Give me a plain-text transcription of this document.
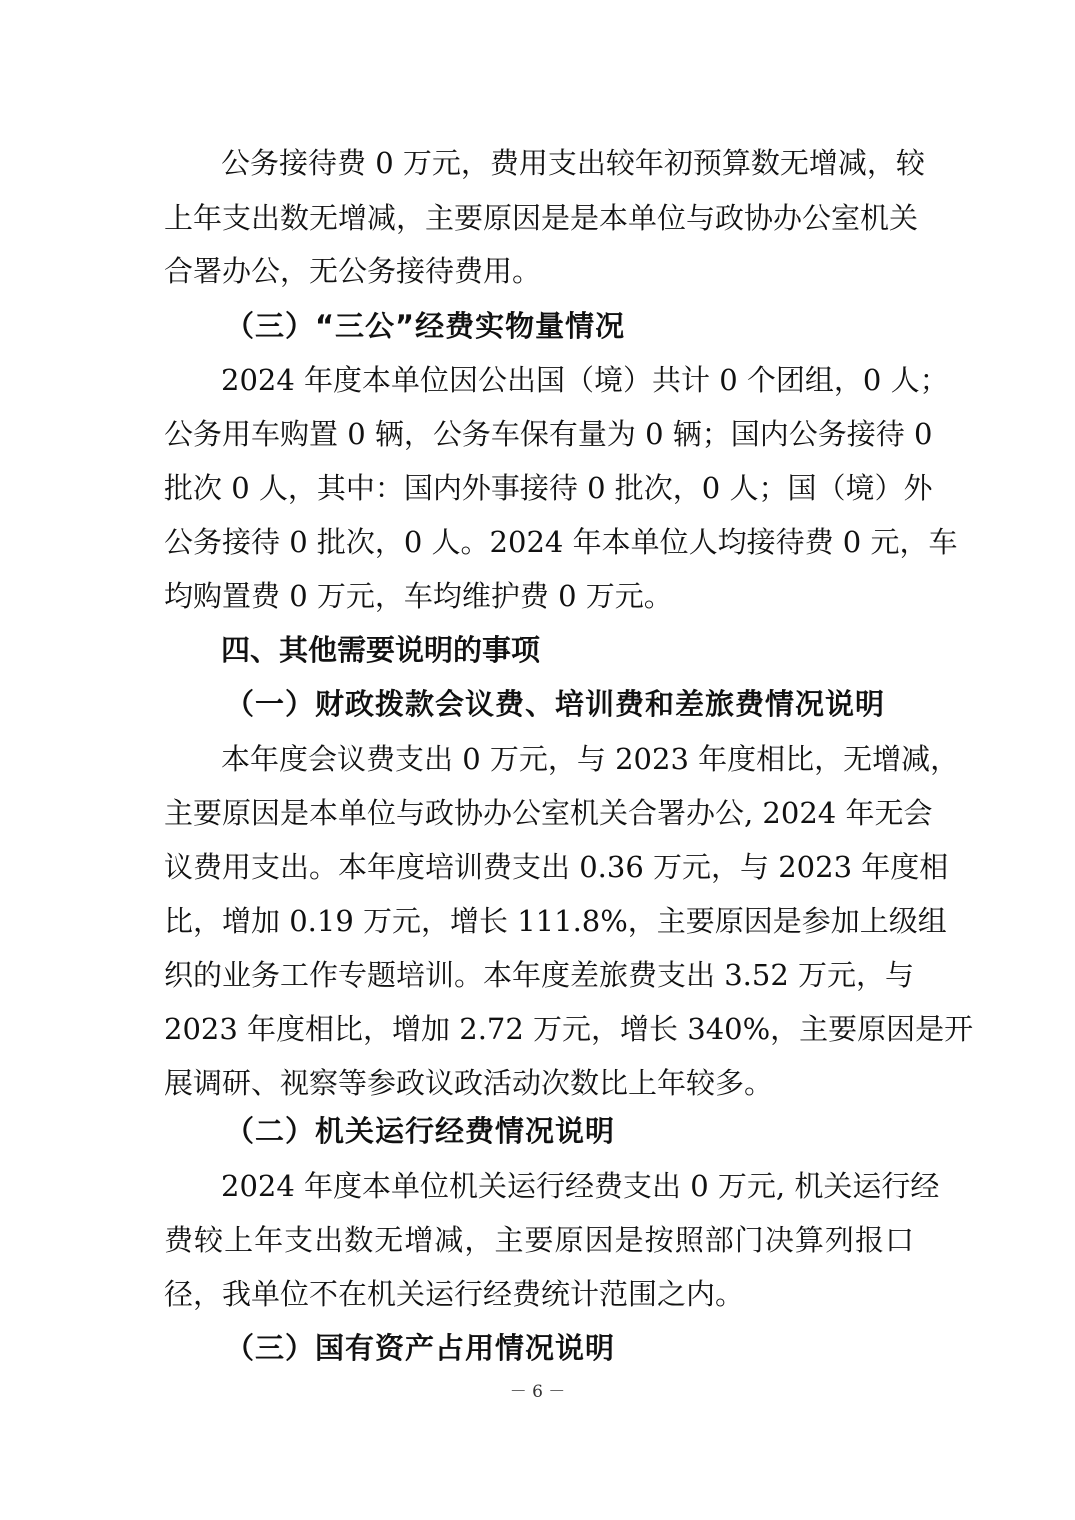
公务接待费 0 万元，费用支出较年初预算数无增减，较
上年支出数无增减，主要原因是是本单位与政协办公室机关
合署办公，无公务接待费用。
（三）“三公”经费实物量情况
2024 年度本单位因公出国（境）共计 0 个团组，0 人；
公务用车购置 0 辆，公务车保有量为 0 辆；国内公务接待 0
批次 0 人，其中：国内外事接待 0 批次，0 人；国（境）外
公务接待 0 批次，0 人。2024 年本单位人均接待费 0 元，车
均购置费 0 万元，车均维护费 0 万元。
四、其他需要说明的事项
（一）财政拨款会议费、培训费和差旅费情况说明
本年度会议费支出 0 万元，与 2023 年度相比，无增减，
主要原因是本单位与政协办公室机关合署办公, 2024 年无会
议费用支出。本年度培训费支出 0.36 万元，与 2023 年度相
比，增加 0.19 万元，增长 111.8%，主要原因是参加上级组
织的业务工作专题培训。本年度差旅费支出 3.52 万元，与
2023 年度相比，增加 2.72 万元，增长 340%，主要原因是开
展调研、视察等参政议政活动次数比上年较多。
（二）机关运行经费情况说明
2024 年度本单位机关运行经费支出 0 万元, 机关运行经
费较上年支出数无增减，主要原因是按照部门决算列报口
径，我单位不在机关运行经费统计范围之内。
（三）国有资产占用情况说明
－ 6 －
